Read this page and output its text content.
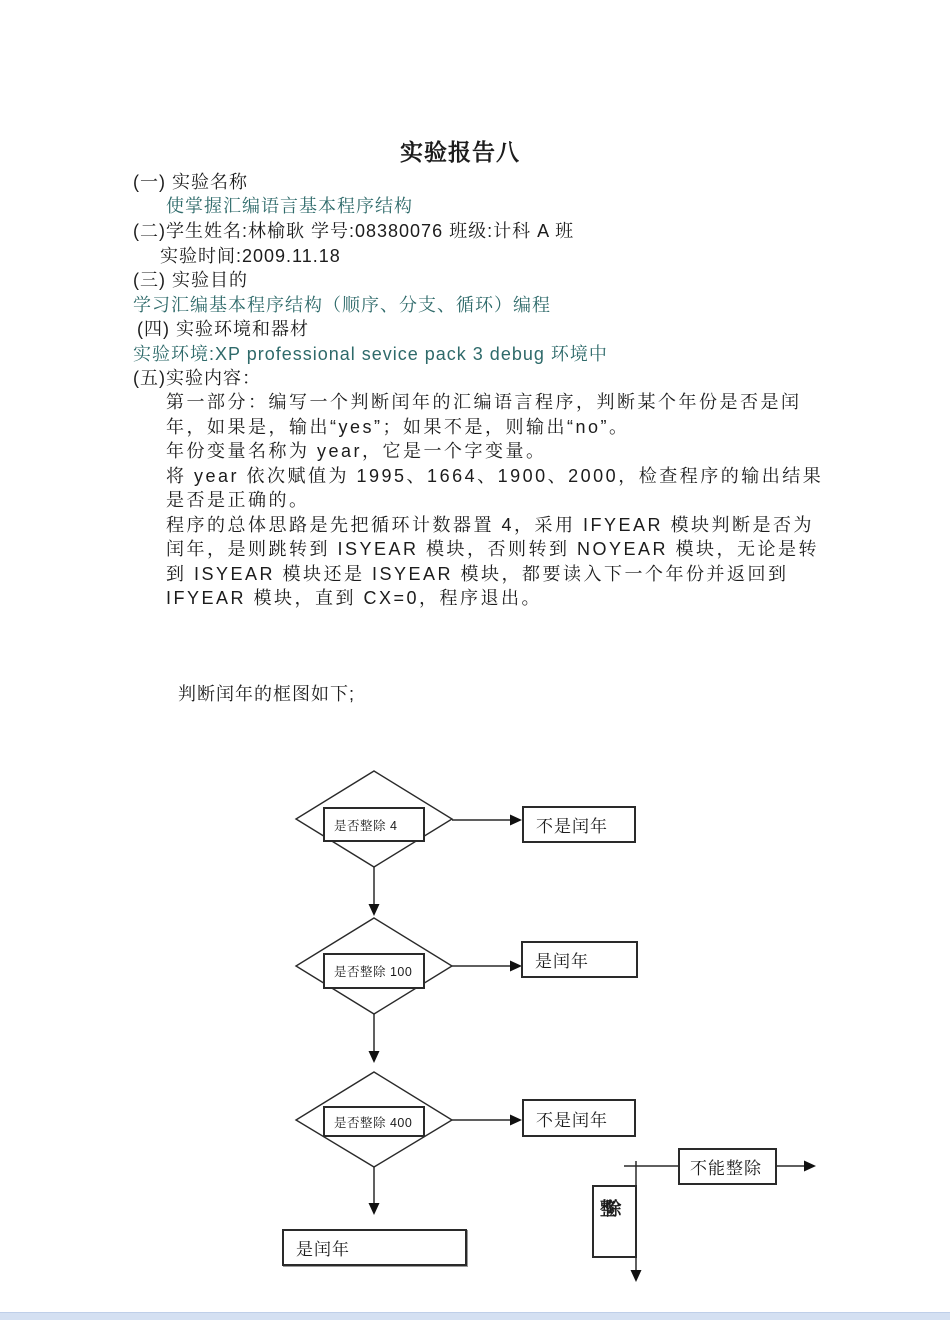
实验报告八
(一) 实验名称
使掌握汇编语言基本程序结构
(二)学生姓名:林榆耿 学号:08380076 班级:计科 A 班
实验时间:2009.11.18
(三) 实验目的
学习汇编基本程序结构（顺序、分支、循环）编程
(四) 实验环境和器材
实验环境:XP professional sevice pack 3 debug 环境中
(五)实验内容：
第一部分：编写一个判断闰年的汇编语言程序，判断某个年份是否是闰
年，如果是，输出“yes”；如果不是，则输出“no”。
年份变量名称为 year，它是一个字变量。
将 year 依次赋值为 1995、1664、1900、2000，检查程序的输出结果
是否是正确的。
程序的总体思路是先把循环计数器置 4，采用 IFYEAR 模块判断是否为
闰年，是则跳转到 ISYEAR 模块，否则转到 NOYEAR 模块，无论是转
到 ISYEAR 模块还是 ISYEAR 模块，都要读入下一个年份并返回到
IFYEAR 模块，直到 CX=0，程序退出。
判断闰年的框图如下;
是否整除 4
是否整除 100
是否整除 400
不是闰年
是闰年
不是闰年
是闰年
不能整除
整除
